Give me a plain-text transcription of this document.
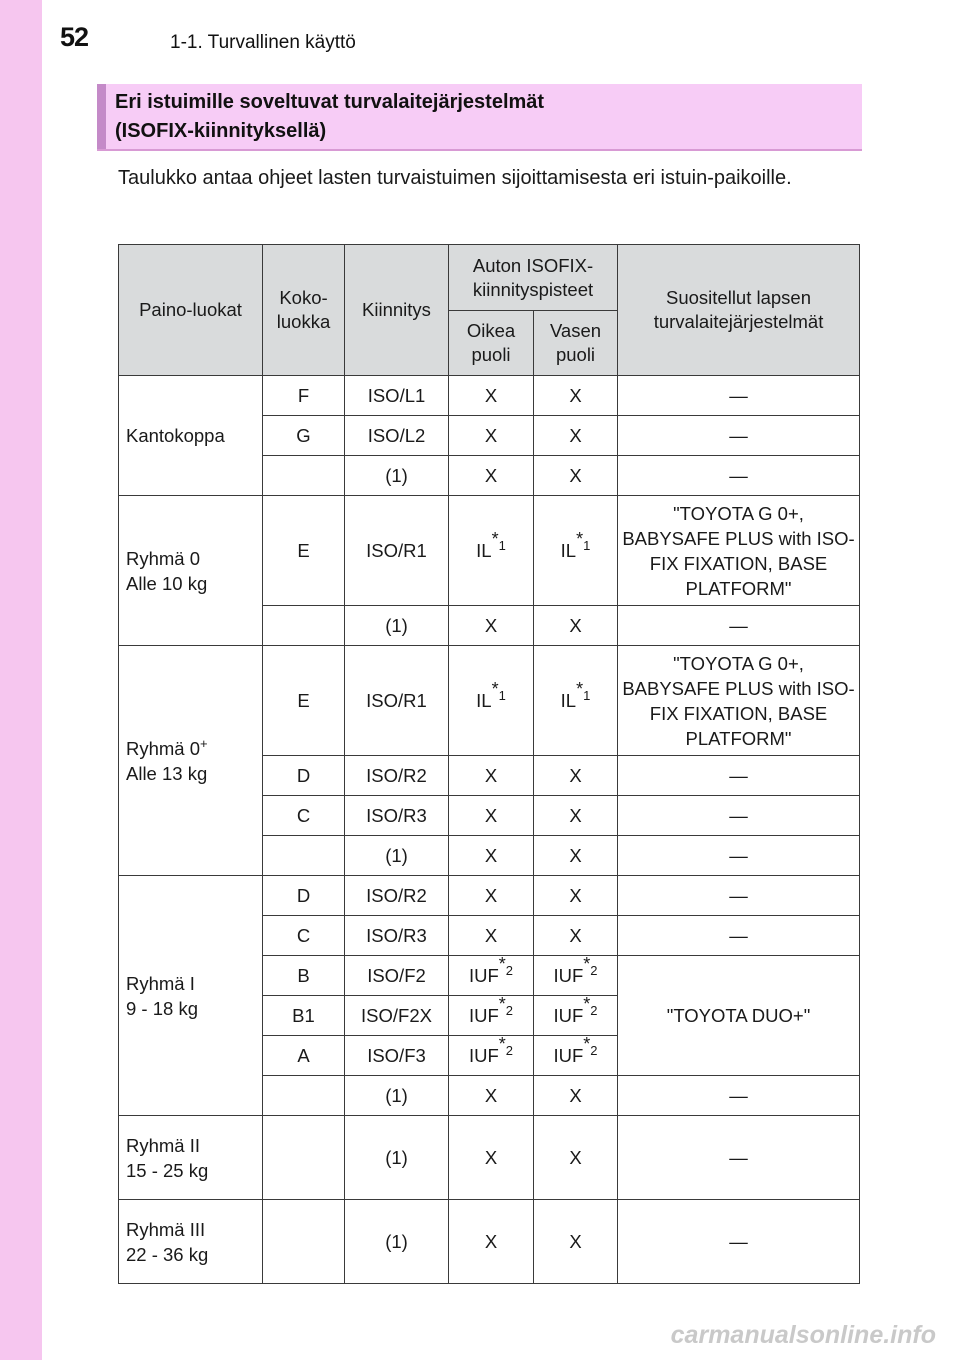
52	1-1. Turvallinen käyttö
Eri istuimille soveltuvat turvalaitejärjestelmät
(ISOFIX-kiinnityksellä)
Taulukko antaa ohjeet lasten turvaistuimen sijoittamisesta eri istuin-paikoille.
Paino-luokat	Koko-luokka	Kiinnitys	Auton ISOFIX-kiinnityspisteet		Suositellut lapsen turvalaitejärjestelmät
			Oikea puoli	Vasen puoli	
Kantokoppa	F	ISO/L1	X	X	—
	G	ISO/L2	X	X	—
		(1)	X	X	—

Ryhmä 0
Alle 10 kg	E	ISO/R1	IL$^{*1}$	IL$^{*1}$	"TOYOTA G 0+, BABYSAFE PLUS with ISO-FIX FIXATION, BASE PLATFORM"
		(1)	X	X	—

Ryhmä 0+
Alle 13 kg	E	ISO/R1	IL$^{*1}$	IL$^{*1}$	"TOYOTA G 0+, BABYSAFE PLUS with ISO-FIX FIXATION, BASE PLATFORM"
	D	ISO/R2	X	X	—
	C	ISO/R3	X	X	—
		(1)	X	X	—

Ryhmä I
9 - 18 kg	D	ISO/R2	X	X	—
	C	ISO/R3	X	X	—
	B	ISO/F2	IUF$^{*2}$	IUF$^{*2}$	"TOYOTA DUO+"
	B1	ISO/F2X	IUF$^{*2}$	IUF$^{*2}$
	A	ISO/F3	IUF$^{*2}$	IUF$^{*2}$
		(1)	X	X	—

Ryhmä II
15 - 25 kg		(1)	X	X	—

Ryhmä III
22 - 36 kg		(1)	X	X	—
carmanualsonline.info
